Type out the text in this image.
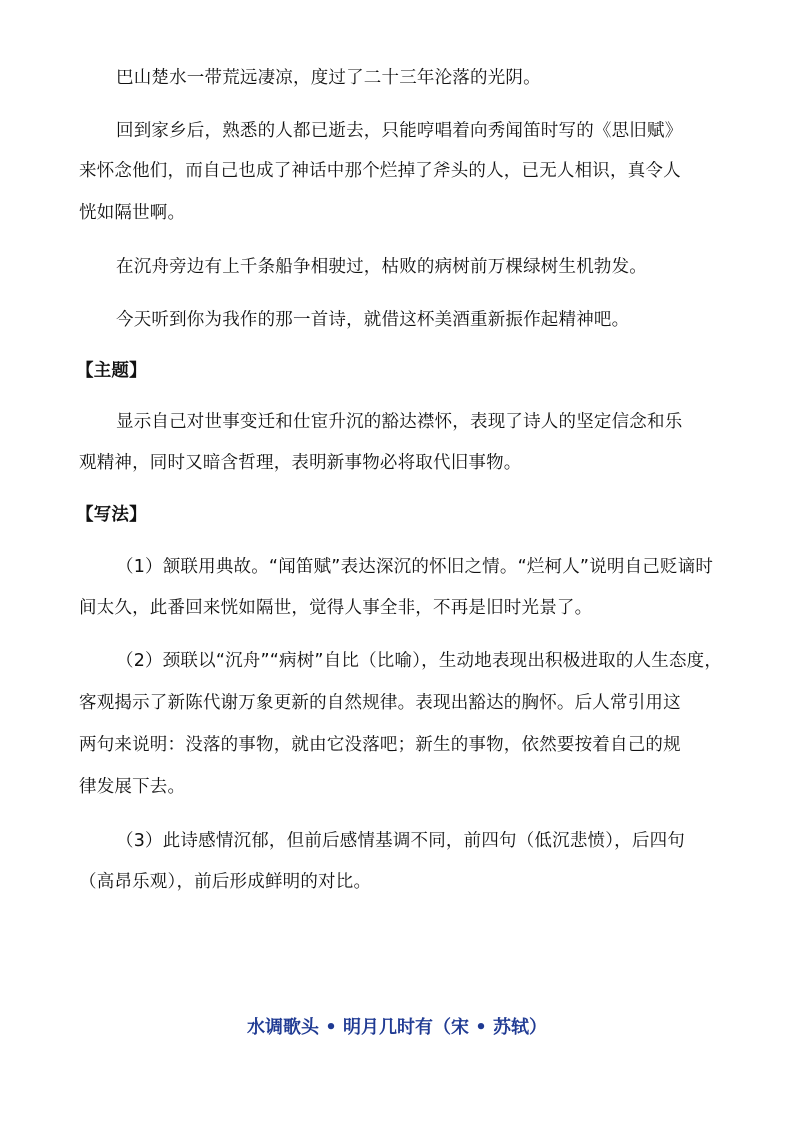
巴山楚水一带荒远凄凉，度过了二十三年沦落的光阴。
回到家乡后，熟悉的人都已逝去，只能哼唱着向秀闻笛时写的《思旧赋》
来怀念他们，而自己也成了神话中那个烂掉了斧头的人，已无人相识，真令人
恍如隔世啊。
在沉舟旁边有上千条船争相驶过，枯败的病树前万棵绿树生机勃发。
今天听到你为我作的那一首诗，就借这杯美酒重新振作起精神吧。
【主题】
显示自己对世事变迁和仕宦升沉的豁达襟怀，表现了诗人的坚定信念和乐
观精神，同时又暗含哲理，表明新事物必将取代旧事物。
【写法】
（1）颔联用典故。“闻笛赋”表达深沉的怀旧之情。“烂柯人”说明自己贬谪时
间太久，此番回来恍如隔世，觉得人事全非，不再是旧时光景了。
（2）颈联以“沉舟”“病树”自比（比喻），生动地表现出积极进取的人生态度，
客观揭示了新陈代谢万象更新的自然规律。表现出豁达的胸怀。后人常引用这
两句来说明：没落的事物，就由它没落吧；新生的事物，依然要按着自己的规
律发展下去。
（3）此诗感情沉郁，但前后感情基调不同，前四句（低沉悲愤），后四句
（高昂乐观），前后形成鲜明的对比。
水调歌头 • 明月几时有（宋 • 苏轼）
